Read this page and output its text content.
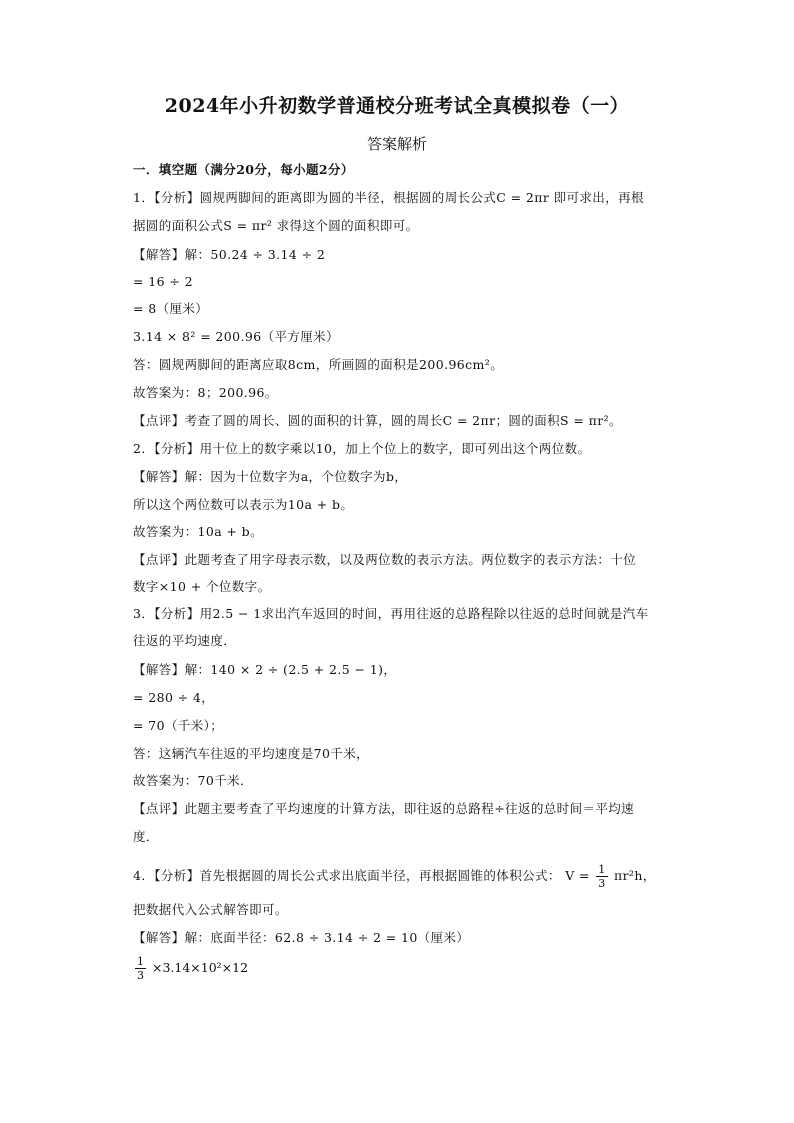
2024年小升初数学普通校分班考试全真模拟卷（一）
答案解析
一．填空题（满分20分，每小题2分）
1．【分析】圆规两脚间的距离即为圆的半径，根据圆的周长公式C = 2πr 即可求出，再根
据圆的面积公式S = πr² 求得这个圆的面积即可。
【解答】解：50.24 ÷ 3.14 ÷ 2
= 16 ÷ 2
= 8（厘米）
3.14 × 8² = 200.96（平方厘米）
答：圆规两脚间的距离应取8cm，所画圆的面积是200.96cm²。
故答案为：8；200.96。
【点评】考查了圆的周长、圆的面积的计算，圆的周长C = 2πr；圆的面积S = πr²。
2．【分析】用十位上的数字乘以10，加上个位上的数字，即可列出这个两位数。
【解答】解：因为十位数字为a，个位数字为b，
所以这个两位数可以表示为10a + b。
故答案为：10a + b。
【点评】此题考查了用字母表示数，以及两位数的表示方法。两位数字的表示方法：十位
数字×10 + 个位数字。
3．【分析】用2.5 − 1求出汽车返回的时间，再用往返的总路程除以往返的总时间就是汽车
往返的平均速度．
【解答】解：140 × 2 ÷ (2.5 + 2.5 − 1)，
= 280 ÷ 4，
= 70（千米）；
答：这辆汽车往返的平均速度是70千米，
故答案为：70千米．
【点评】此题主要考查了平均速度的计算方法，即往返的总路程÷往返的总时间＝平均速
度．
4．【分析】首先根据圆的周长公式求出底面半径，再根据圆锥的体积公式： $V = \frac{1}{3} \pi r^2h$，
把数据代入公式解答即可。
【解答】解：底面半径：62.8 ÷ 3.14 ÷ 2 = 10（厘米）
$\frac{1}{3} \times 3.14\times 10^2\times 12$
